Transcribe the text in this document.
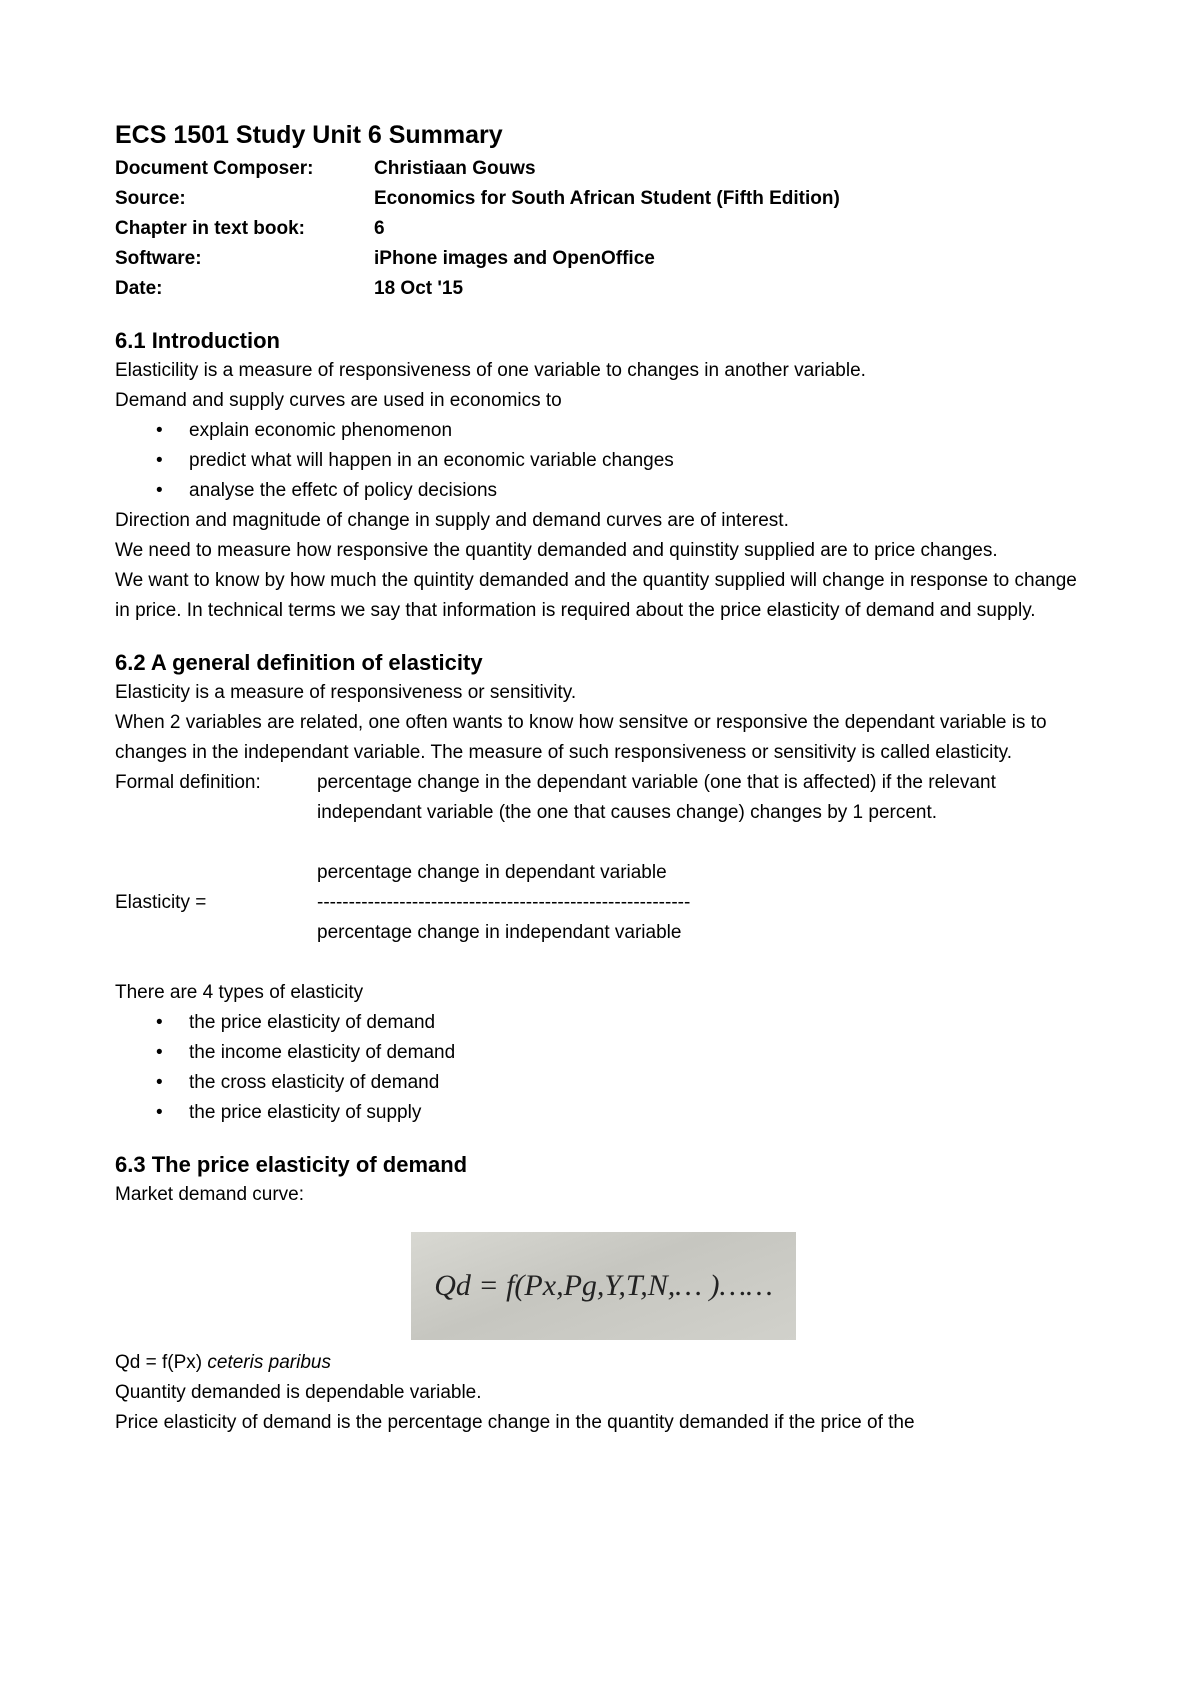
ECS 1501 Study Unit 6 Summary
Document Composer:	Christiaan Gouws
Source:	Economics for South African Student (Fifth Edition)
Chapter in text book:	6
Software:	iPhone images and OpenOffice
Date:	18 Oct '15
6.1 Introduction

Elasticility is a measure of responsiveness of one variable to changes in another variable.

Demand and supply curves are used in economics to

• explain economic phenomenon
• predict what will happen in an economic variable changes
• analyse the effetc of policy decisions

Direction and magnitude of change in supply and demand curves are of interest.

We need to measure how responsive the quantity demanded and quinstity supplied are to price changes.

We want to know by how much the quintity demanded and the quantity supplied will change in response to change in price. In technical terms we say that information is required about the price elasticity of demand and supply.

6.2 A general definition of elasticity

Elasticity is a measure of responsiveness or sensitivity.

When 2 variables are related, one often wants to know how sensitve or responsive the dependant variable is to changes in the independant variable. The measure of such responsiveness or sensitivity is called elasticity.

Formal definition:	percentage change in the dependant variable (one that is affected) if the relevant independant variable (the one that causes change) changes by 1 percent.
percentage change in dependant variable
Elasticity =	-----------------------------------------------------------
percentage change in independant variable

There are 4 types of elasticity

• the price elasticity of demand
• the income elasticity of demand
• the cross elasticity of demand
• the price elasticity of supply
6.3 The price elasticity of demand

Market demand curve:

Qd = f(Px,Pg,Y,T,N,… )……

Qd = f(Px) ceteris paribus

Quantity demanded is dependable variable.

Price elasticity of demand is the percentage change in the quantity demanded if the price of the
